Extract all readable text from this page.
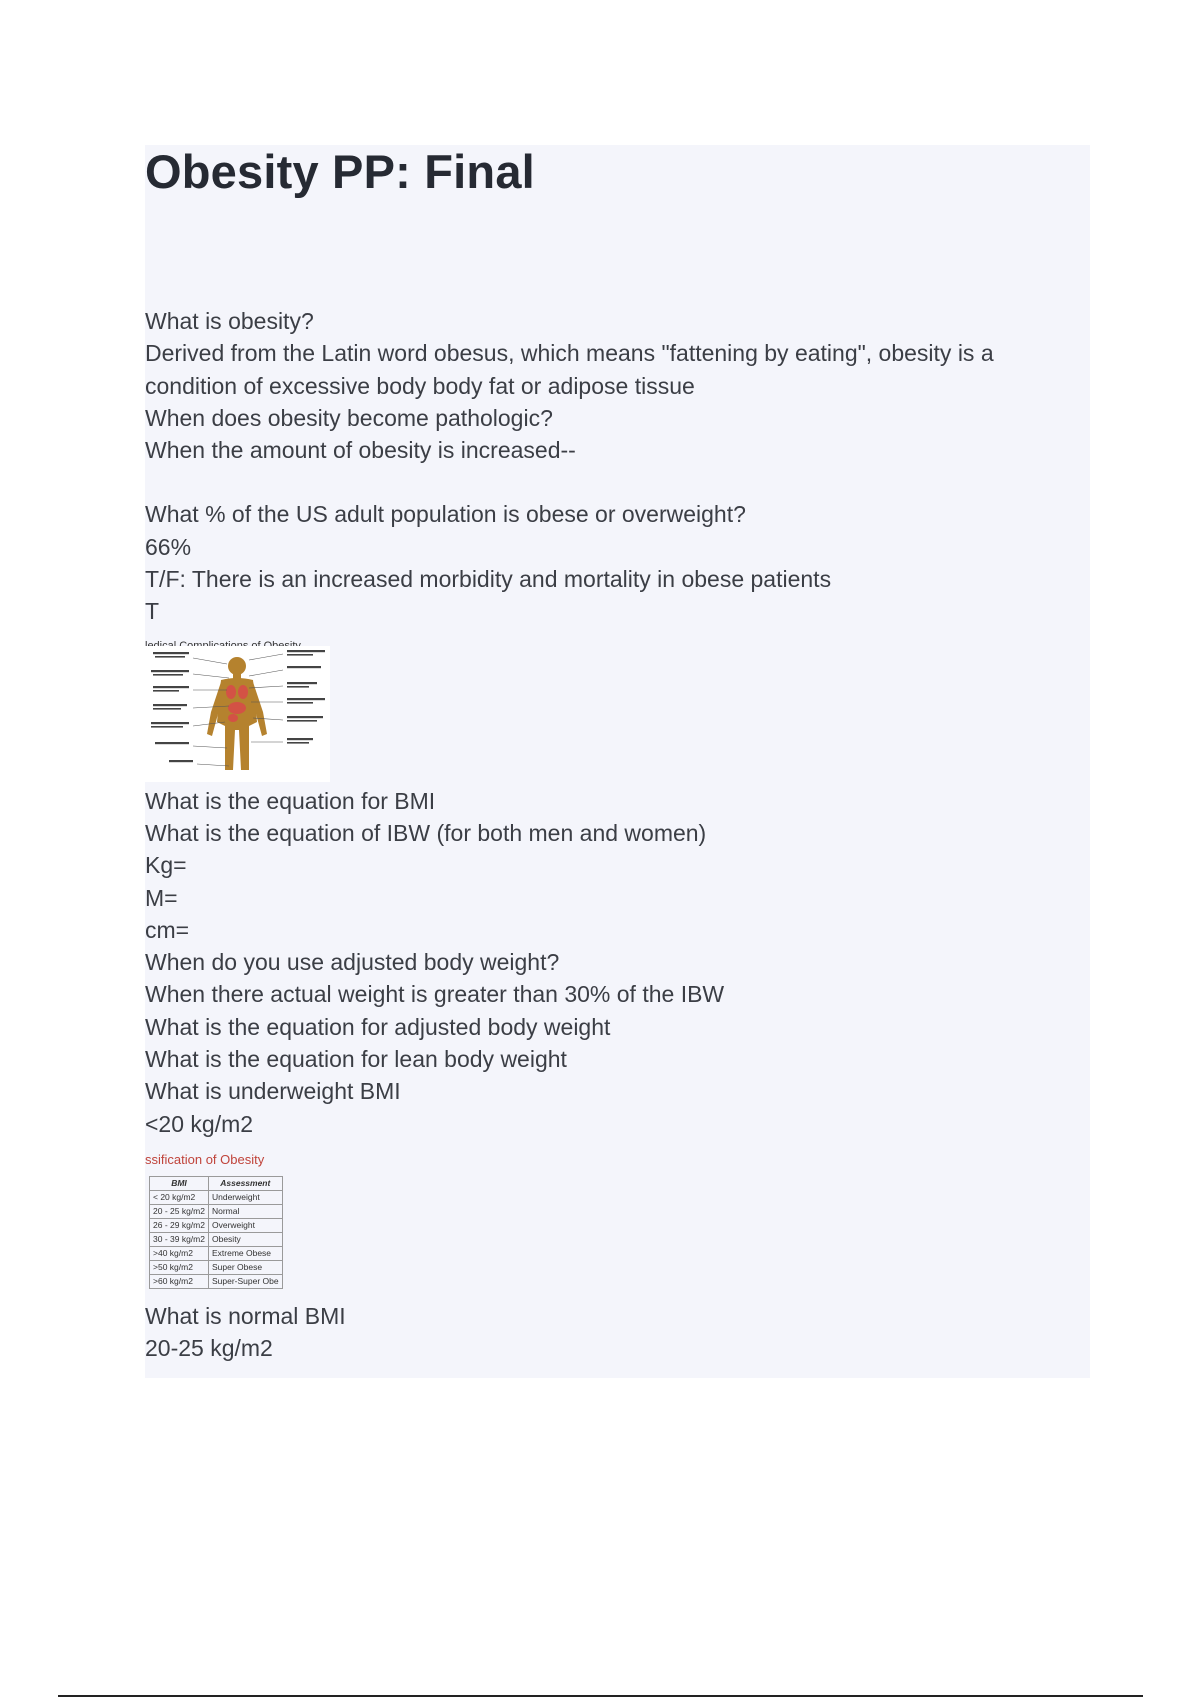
Obesity PP: Final
What is obesity?
Derived from the Latin word obesus, which means "fattening by eating", obesity is a condition of excessive body body fat or adipose tissue
When does obesity become pathologic?
When the amount of obesity is increased--
What % of the US adult population is obese or overweight?
66%
T/F: There is an increased morbidity and mortality in obese patients
T
What is the equation for BMI
What is the equation of IBW (for both men and women)
Kg=
M=
cm=
When do you use adjusted body weight?
When there actual weight is greater than 30% of the IBW
What is the equation for adjusted body weight
What is the equation for lean body weight
What is underweight BMI
<20 kg/m2
ssification of Obesity
BMI	Assessment
< 20 kg/m2	Underweight
20 - 25 kg/m2	Normal
26 - 29 kg/m2	Overweight
30 - 39 kg/m2	Obesity
>40 kg/m2	Extreme Obese
>50 kg/m2	Super Obese
>60 kg/m2	Super-Super Obe
What is normal BMI
20-25 kg/m2
